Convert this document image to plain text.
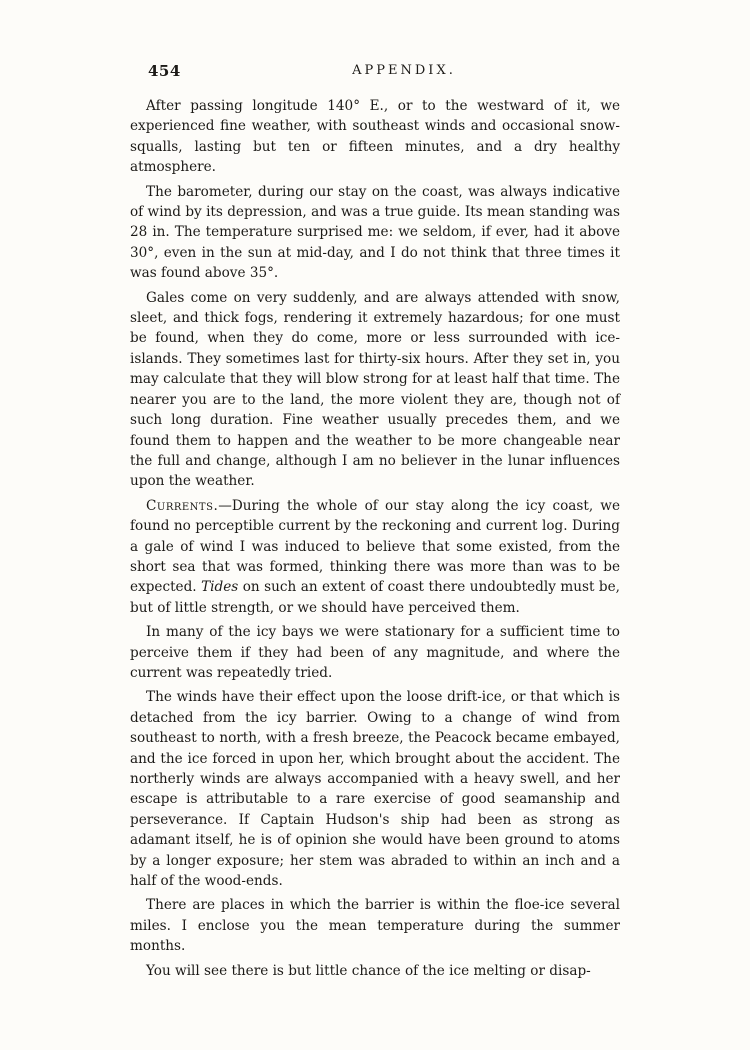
454	APPENDIX.

After passing longitude 140° E., or to the westward of it, we experienced fine weather, with southeast winds and occasional snow-squalls, lasting but ten or fifteen minutes, and a dry healthy atmosphere.

The barometer, during our stay on the coast, was always indicative of wind by its depression, and was a true guide. Its mean standing was 28 in. The temperature surprised me: we seldom, if ever, had it above 30°, even in the sun at mid-day, and I do not think that three times it was found above 35°.

Gales come on very suddenly, and are always attended with snow, sleet, and thick fogs, rendering it extremely hazardous; for one must be found, when they do come, more or less surrounded with ice-islands. They sometimes last for thirty-six hours. After they set in, you may calculate that they will blow strong for at least half that time. The nearer you are to the land, the more violent they are, though not of such long duration. Fine weather usually precedes them, and we found them to happen and the weather to be more changeable near the full and change, although I am no believer in the lunar influences upon the weather.

Currents.—During the whole of our stay along the icy coast, we found no perceptible current by the reckoning and current log. During a gale of wind I was induced to believe that some existed, from the short sea that was formed, thinking there was more than was to be expected. Tides on such an extent of coast there undoubtedly must be, but of little strength, or we should have perceived them.

In many of the icy bays we were stationary for a sufficient time to perceive them if they had been of any magnitude, and where the current was repeatedly tried.

The winds have their effect upon the loose drift-ice, or that which is detached from the icy barrier. Owing to a change of wind from southeast to north, with a fresh breeze, the Peacock became embayed, and the ice forced in upon her, which brought about the accident. The northerly winds are always accompanied with a heavy swell, and her escape is attributable to a rare exercise of good seamanship and perseverance. If Captain Hudson's ship had been as strong as adamant itself, he is of opinion she would have been ground to atoms by a longer exposure; her stem was abraded to within an inch and a half of the wood-ends.

There are places in which the barrier is within the floe-ice several miles. I enclose you the mean temperature during the summer months.

You will see there is but little chance of the ice melting or disap-
